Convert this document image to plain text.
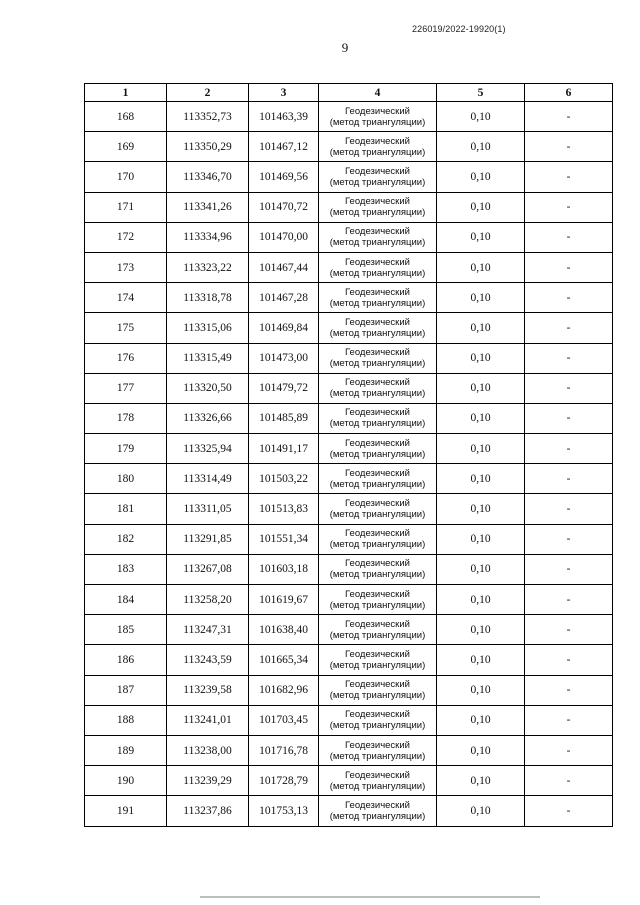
226019/2022-19920(1)
9
1	2	3	4	5	6
168	113352,73	101463,39	Геодезический
(метод триангуляции)	0,10	-
169	113350,29	101467,12	Геодезический
(метод триангуляции)	0,10	-
170	113346,70	101469,56	Геодезический
(метод триангуляции)	0,10	-
171	113341,26	101470,72	Геодезический
(метод триангуляции)	0,10	-
172	113334,96	101470,00	Геодезический
(метод триангуляции)	0,10	-
173	113323,22	101467,44	Геодезический
(метод триангуляции)	0,10	-
174	113318,78	101467,28	Геодезический
(метод триангуляции)	0,10	-
175	113315,06	101469,84	Геодезический
(метод триангуляции)	0,10	-
176	113315,49	101473,00	Геодезический
(метод триангуляции)	0,10	-
177	113320,50	101479,72	Геодезический
(метод триангуляции)	0,10	-
178	113326,66	101485,89	Геодезический
(метод триангуляции)	0,10	-
179	113325,94	101491,17	Геодезический
(метод триангуляции)	0,10	-
180	113314,49	101503,22	Геодезический
(метод триангуляции)	0,10	-
181	113311,05	101513,83	Геодезический
(метод триангуляции)	0,10	-
182	113291,85	101551,34	Геодезический
(метод триангуляции)	0,10	-
183	113267,08	101603,18	Геодезический
(метод триангуляции)	0,10	-
184	113258,20	101619,67	Геодезический
(метод триангуляции)	0,10	-
185	113247,31	101638,40	Геодезический
(метод триангуляции)	0,10	-
186	113243,59	101665,34	Геодезический
(метод триангуляции)	0,10	-
187	113239,58	101682,96	Геодезический
(метод триангуляции)	0,10	-
188	113241,01	101703,45	Геодезический
(метод триангуляции)	0,10	-
189	113238,00	101716,78	Геодезический
(метод триангуляции)	0,10	-
190	113239,29	101728,79	Геодезический
(метод триангуляции)	0,10	-
191	113237,86	101753,13	Геодезический
(метод триангуляции)	0,10	-
